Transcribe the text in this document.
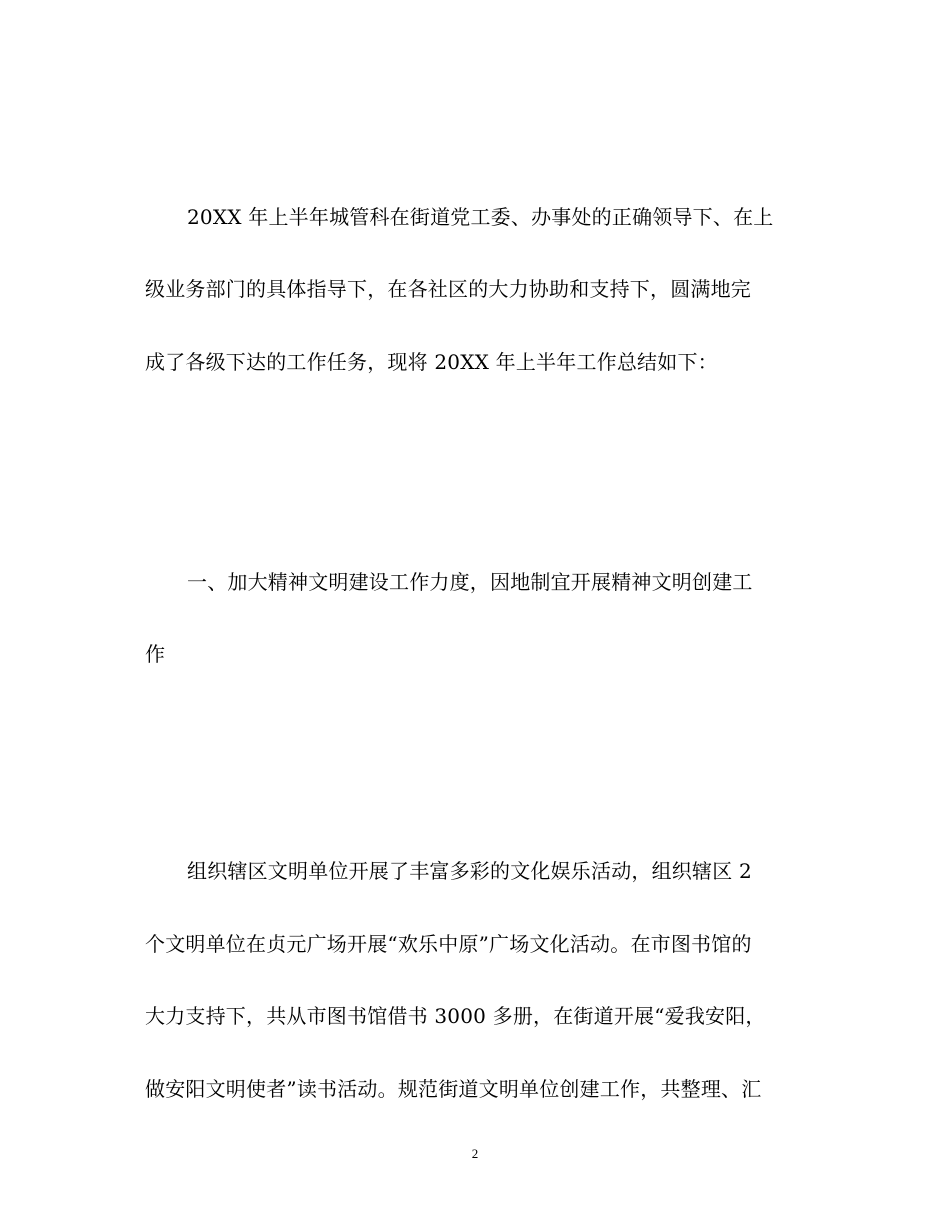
20XX 年上半年城管科在街道党工委、办事处的正确领导下、在上
级业务部门的具体指导下，在各社区的大力协助和支持下，圆满地完
成了各级下达的工作任务，现将 20XX 年上半年工作总结如下：
一、加大精神文明建设工作力度，因地制宜开展精神文明创建工
作
组织辖区文明单位开展了丰富多彩的文化娱乐活动，组织辖区 2
个文明单位在贞元广场开展“欢乐中原”广场文化活动。在市图书馆的
大力支持下，共从市图书馆借书 3000 多册，在街道开展“爱我安阳，
做安阳文明使者”读书活动。规范街道文明单位创建工作，共整理、汇
2
